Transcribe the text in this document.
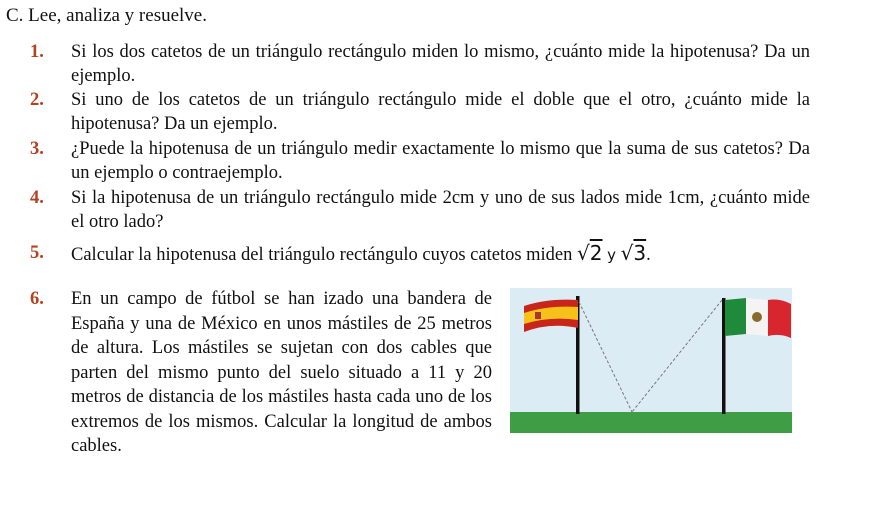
C. Lee, analiza y resuelve.
1.	Si los dos catetos de un triángulo rectángulo miden lo mismo, ¿cuánto mide la hipotenusa? Da un ejemplo.
2.	Si uno de los catetos de un triángulo rectángulo mide el doble que el otro, ¿cuánto mide la hipotenusa? Da un ejemplo.
3.	¿Puede la hipotenusa de un triángulo medir exactamente lo mismo que la suma de sus catetos? Da un ejemplo o contraejemplo.
4.	Si la hipotenusa de un triángulo rectángulo mide 2cm y uno de sus lados mide 1cm, ¿cuánto mide el otro lado?
5.	Calcular la hipotenusa del triángulo rectángulo cuyos catetos miden √2 y √3.
6.	En un campo de fútbol se han izado una bandera de España y una de México en unos mástiles de 25 metros de altura. Los mástiles se sujetan con dos cables que parten del mismo punto del suelo situado a 11 y 20 metros de distancia de los mástiles hasta cada uno de los extremos de los mismos. Calcular la longitud de ambos cables.
